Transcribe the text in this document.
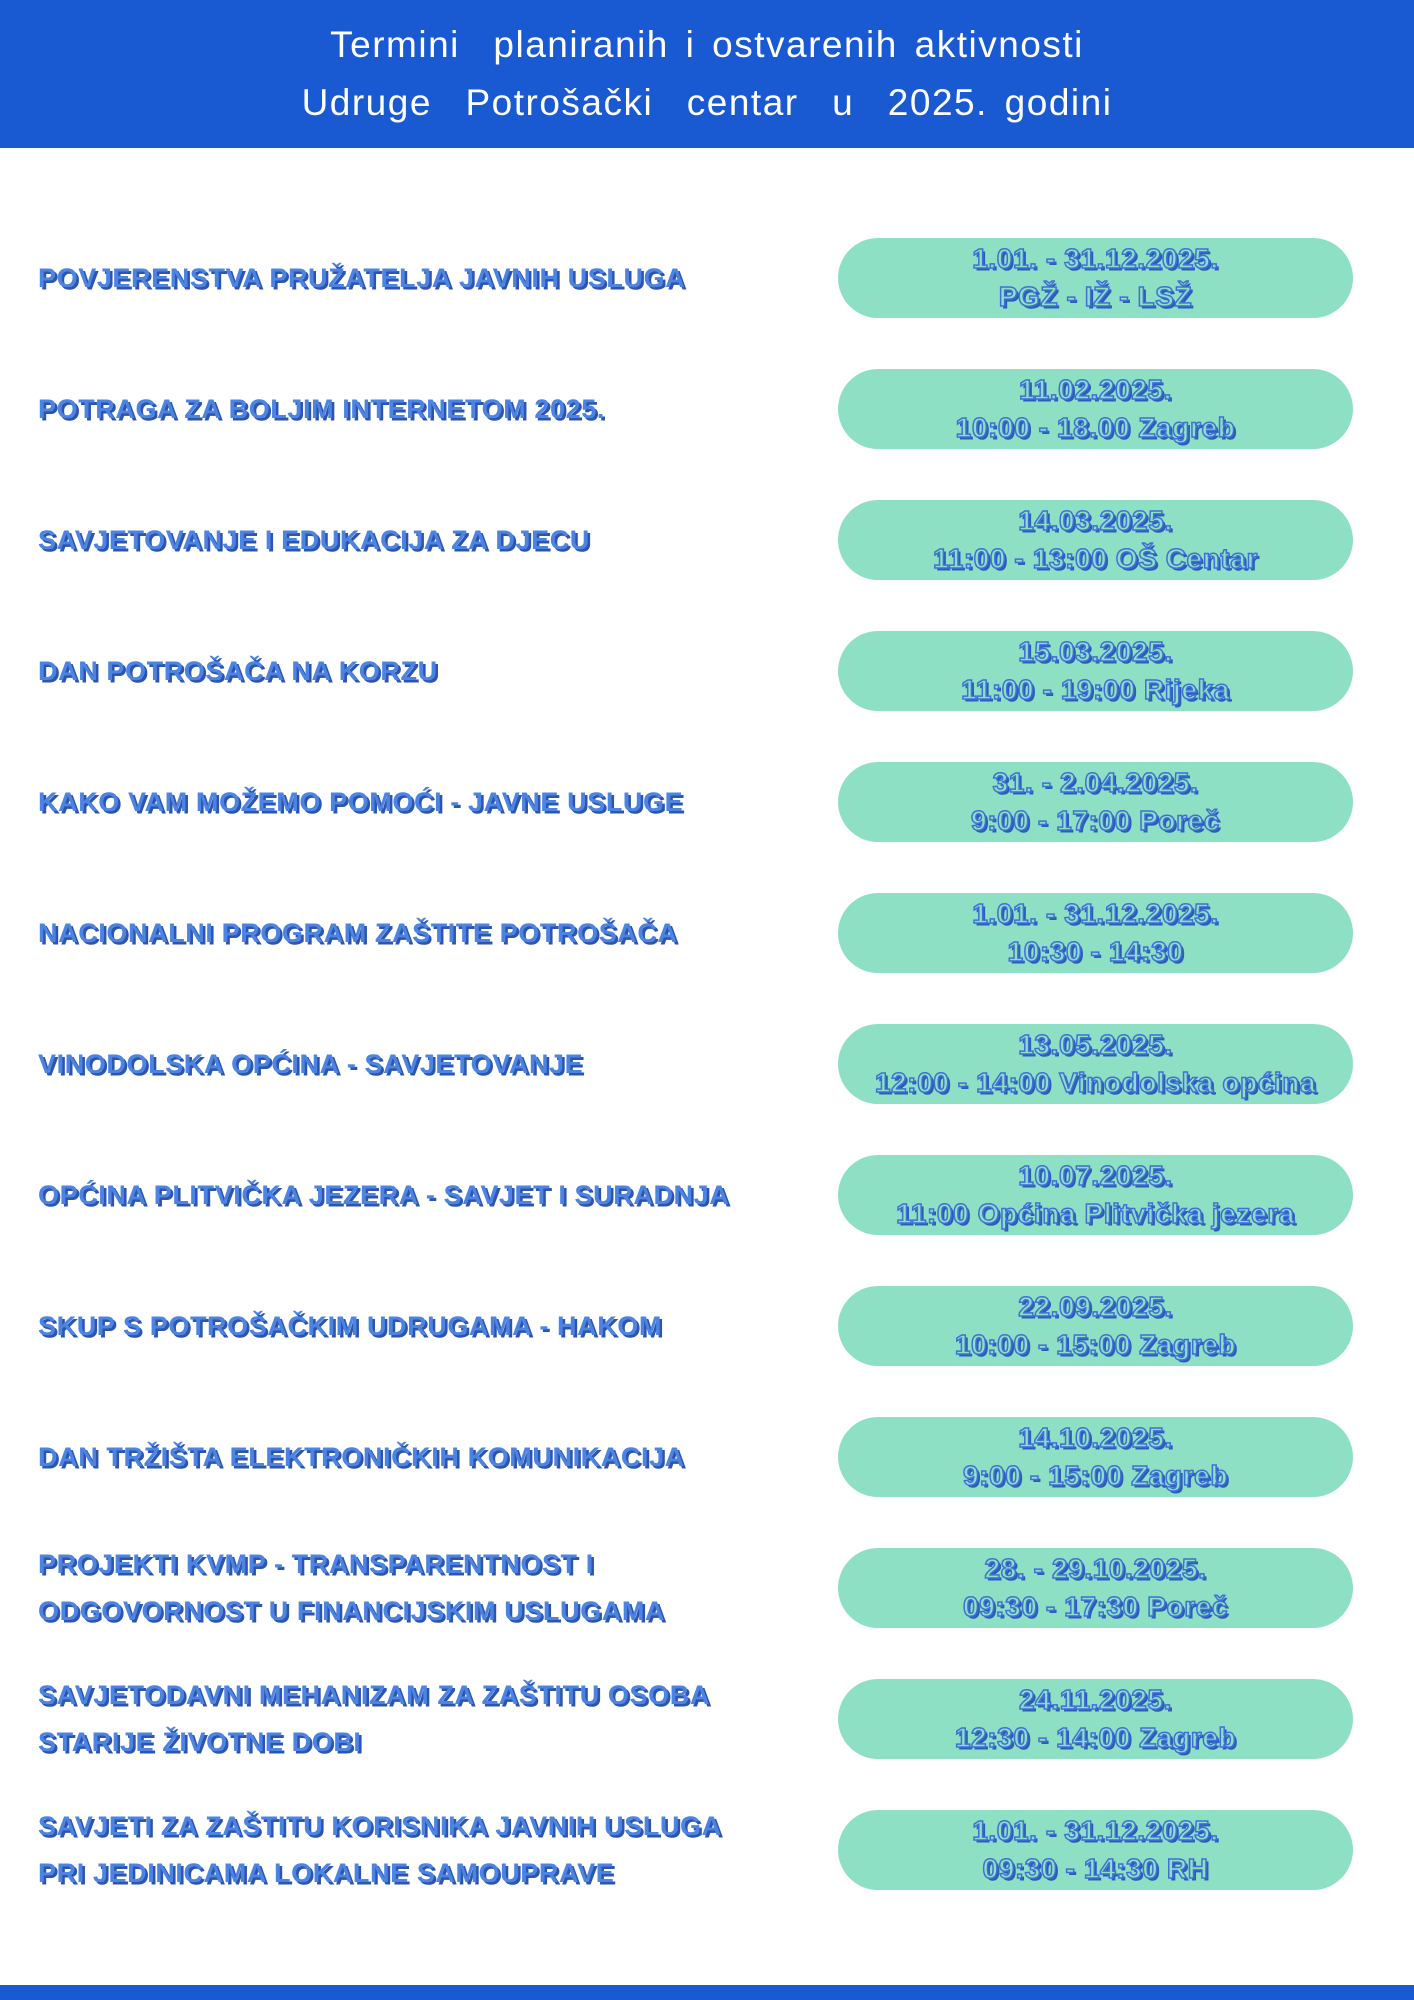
Termini  planiranih i ostvarenih aktivnosti
Udruge  Potrošački  centar  u  2025. godini
POVJERENSTVA PRUŽATELJA JAVNIH USLUGA
1.01. - 31.12.2025.
PGŽ - IŽ - LSŽ
POTRAGA ZA BOLJIM INTERNETOM 2025.
11.02.2025.
10:00 - 18.00 Zagreb
SAVJETOVANJE I EDUKACIJA ZA DJECU
14.03.2025.
11:00 - 13:00 OŠ Centar
DAN POTROŠAČA NA KORZU
15.03.2025.
11:00 - 19:00 Rijeka
KAKO VAM MOŽEMO POMOĆI - JAVNE USLUGE
31. - 2.04.2025.
9:00 - 17:00 Poreč
NACIONALNI PROGRAM ZAŠTITE POTROŠAČA
1.01. - 31.12.2025.
10:30 - 14:30
VINODOLSKA OPĆINA - SAVJETOVANJE
13.05.2025.
12:00 - 14:00 Vinodolska općina
OPĆINA PLITVIČKA JEZERA - SAVJET I SURADNJA
10.07.2025.
11:00 Općina Plitvička jezera
SKUP S POTROŠAČKIM UDRUGAMA - HAKOM
22.09.2025.
10:00 - 15:00 Zagreb
DAN TRŽIŠTA ELEKTRONIČKIH KOMUNIKACIJA
14.10.2025.
9:00 - 15:00 Zagreb
PROJEKTI KVMP - TRANSPARENTNOST I
ODGOVORNOST U FINANCIJSKIM USLUGAMA
28. - 29.10.2025.
09:30 - 17:30 Poreč
SAVJETODAVNI MEHANIZAM ZA ZAŠTITU OSOBA
STARIJE ŽIVOTNE DOBI
24.11.2025.
12:30 - 14:00 Zagreb
SAVJETI ZA ZAŠTITU KORISNIKA JAVNIH USLUGA
PRI JEDINICAMA LOKALNE SAMOUPRAVE
1.01. - 31.12.2025.
09:30 - 14:30 RH
